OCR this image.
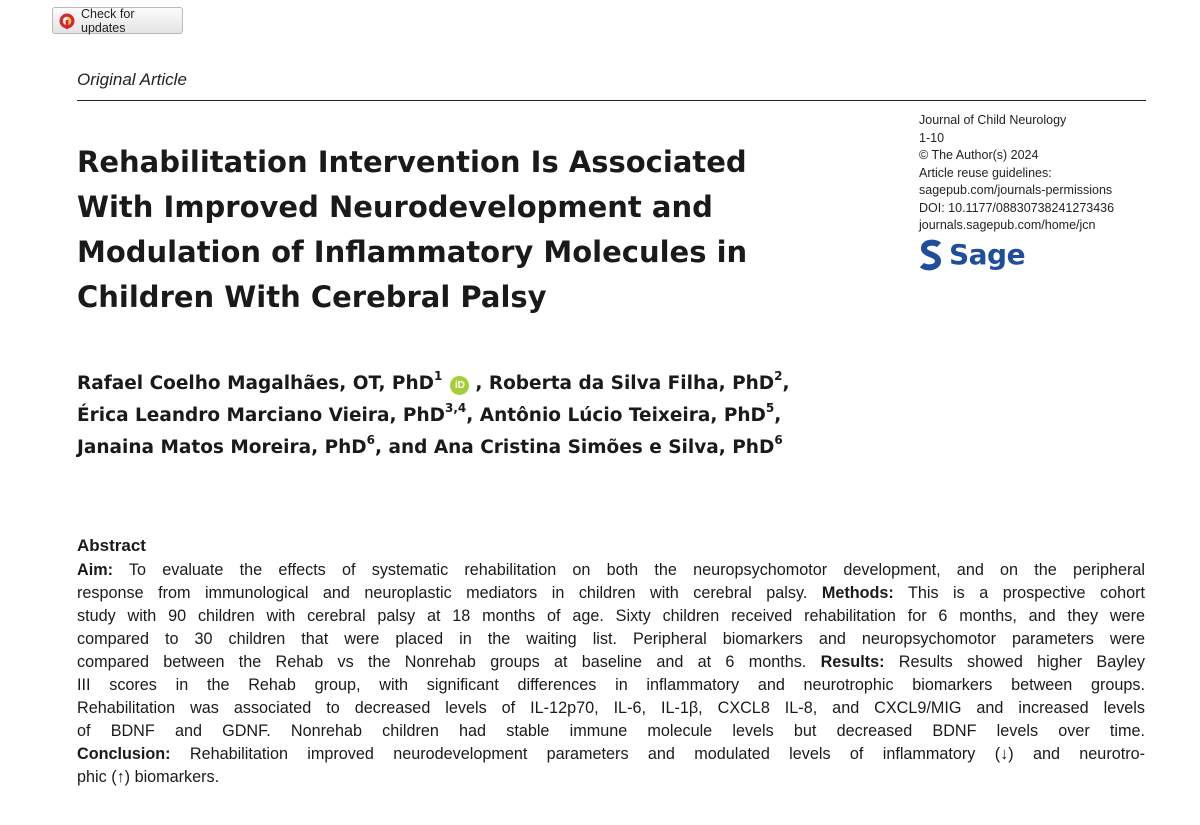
Check for updates
Original Article
Journal of Child Neurology
1-10
© The Author(s) 2024
Article reuse guidelines:
sagepub.com/journals-permissions
DOI: 10.1177/08830738241273436
journals.sagepub.com/home/jcn
Sage
Rehabilitation Intervention Is Associated
With Improved Neurodevelopment and
Modulation of Inflammatory Molecules in
Children With Cerebral Palsy
Rafael Coelho Magalhães, OT, PhD$^1$iD , Roberta da Silva Filha, PhD$^2$,
Érica Leandro Marciano Vieira, PhD$^{3,4}$, Antônio Lúcio Teixeira, PhD$^5$,
Janaina Matos Moreira, PhD$^6$, and Ana Cristina Simões e Silva, PhD$^6$
Abstract
Aim: To evaluate the effects of systematic rehabilitation on both the neuropsychomotor development, and on the peripheral
response from immunological and neuroplastic mediators in children with cerebral palsy. Methods: This is a prospective cohort
study with 90 children with cerebral palsy at 18 months of age. Sixty children received rehabilitation for 6 months, and they were
compared to 30 children that were placed in the waiting list. Peripheral biomarkers and neuropsychomotor parameters were
compared between the Rehab vs the Nonrehab groups at baseline and at 6 months. Results: Results showed higher Bayley
III scores in the Rehab group, with significant differences in inflammatory and neurotrophic biomarkers between groups.
Rehabilitation was associated to decreased levels of IL-12p70, IL-6, IL-1β, CXCL8 IL-8, and CXCL9/MIG and increased levels
of BDNF and GDNF. Nonrehab children had stable immune molecule levels but decreased BDNF levels over time.
Conclusion: Rehabilitation improved neurodevelopment parameters and modulated levels of inflammatory (↓) and neurotro-
phic (↑) biomarkers.
